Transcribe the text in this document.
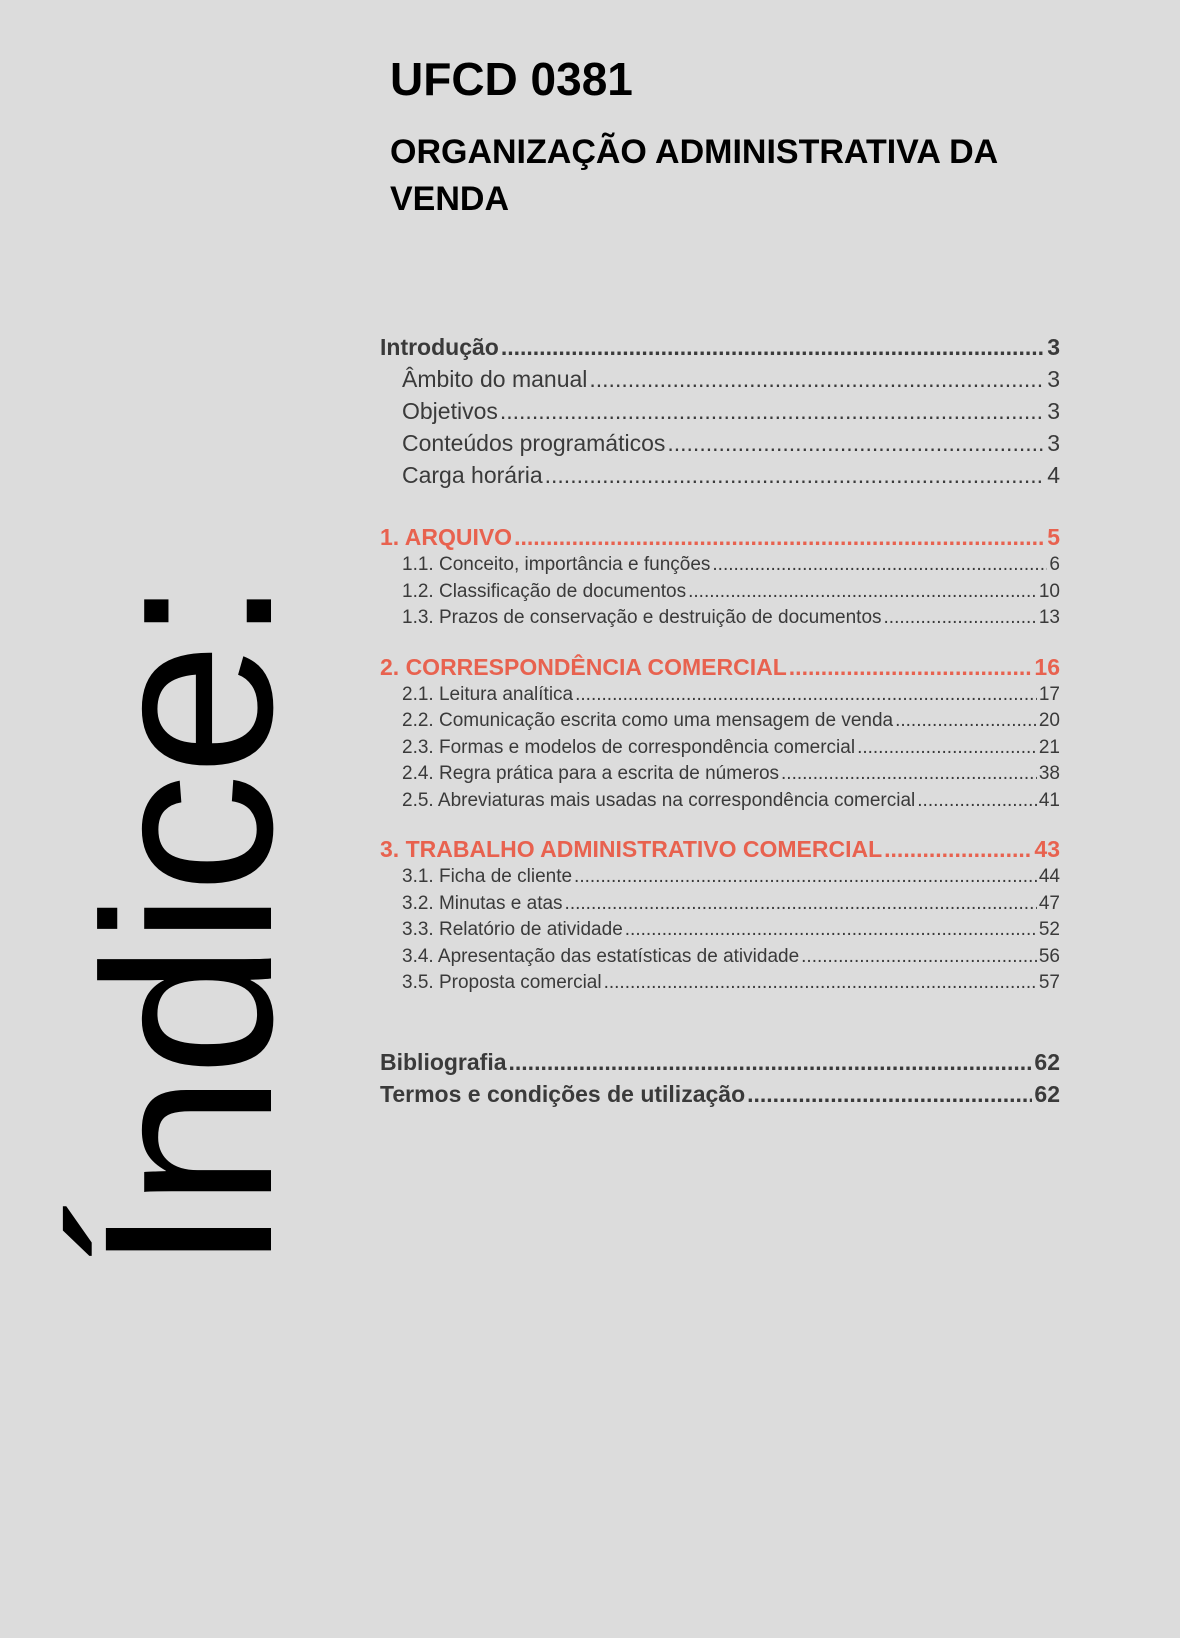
Índice:
UFCD 0381
ORGANIZAÇÃO ADMINISTRATIVA DA VENDA
Introdução .....	3
Âmbito do manual .....	3
Objetivos .....	3
Conteúdos programáticos .....	3
Carga horária .....	4
1. ARQUIVO .....	5
1.1. Conceito, importância e funções .....	6
1.2. Classificação de documentos .....	10
1.3. Prazos de conservação e destruição de documentos .....	13
2. CORRESPONDÊNCIA COMERCIAL .....	16
2.1. Leitura analítica .....	17
2.2. Comunicação escrita como uma mensagem de venda .....	20
2.3. Formas e modelos de correspondência comercial .....	21
2.4. Regra prática para a escrita de números .....	38
2.5. Abreviaturas mais usadas na correspondência comercial .....	41
3. TRABALHO ADMINISTRATIVO COMERCIAL .....	43
3.1. Ficha de cliente .....	44
3.2. Minutas e atas .....	47
3.3. Relatório de atividade .....	52
3.4. Apresentação das estatísticas de atividade .....	56
3.5. Proposta comercial .....	57
Bibliografia .....	62
Termos e condições de utilização .....	62
